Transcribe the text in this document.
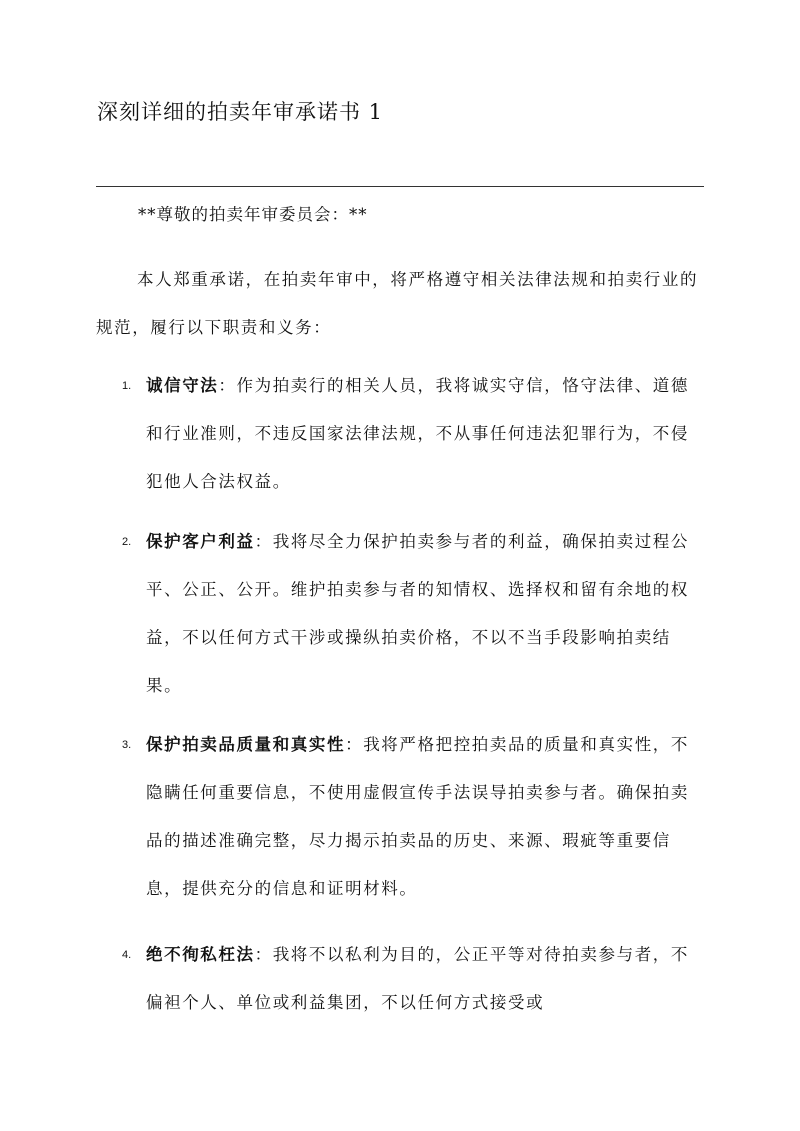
深刻详细的拍卖年审承诺书 1
**尊敬的拍卖年审委员会：**

本人郑重承诺，在拍卖年审中，将严格遵守相关法律法规和拍卖行业的规范，履行以下职责和义务：

1. 诚信守法：作为拍卖行的相关人员，我将诚实守信，恪守法律、道德和行业准则，不违反国家法律法规，不从事任何违法犯罪行为，不侵犯他人合法权益。
2. 保护客户利益：我将尽全力保护拍卖参与者的利益，确保拍卖过程公平、公正、公开。维护拍卖参与者的知情权、选择权和留有余地的权益，不以任何方式干涉或操纵拍卖价格，不以不当手段影响拍卖结果。
3. 保护拍卖品质量和真实性：我将严格把控拍卖品的质量和真实性，不隐瞒任何重要信息，不使用虚假宣传手法误导拍卖参与者。确保拍卖品的描述准确完整，尽力揭示拍卖品的历史、来源、瑕疵等重要信息，提供充分的信息和证明材料。
4. 绝不徇私枉法：我将不以私利为目的，公正平等对待拍卖参与者，不偏袒个人、单位或利益集团，不以任何方式接受或
